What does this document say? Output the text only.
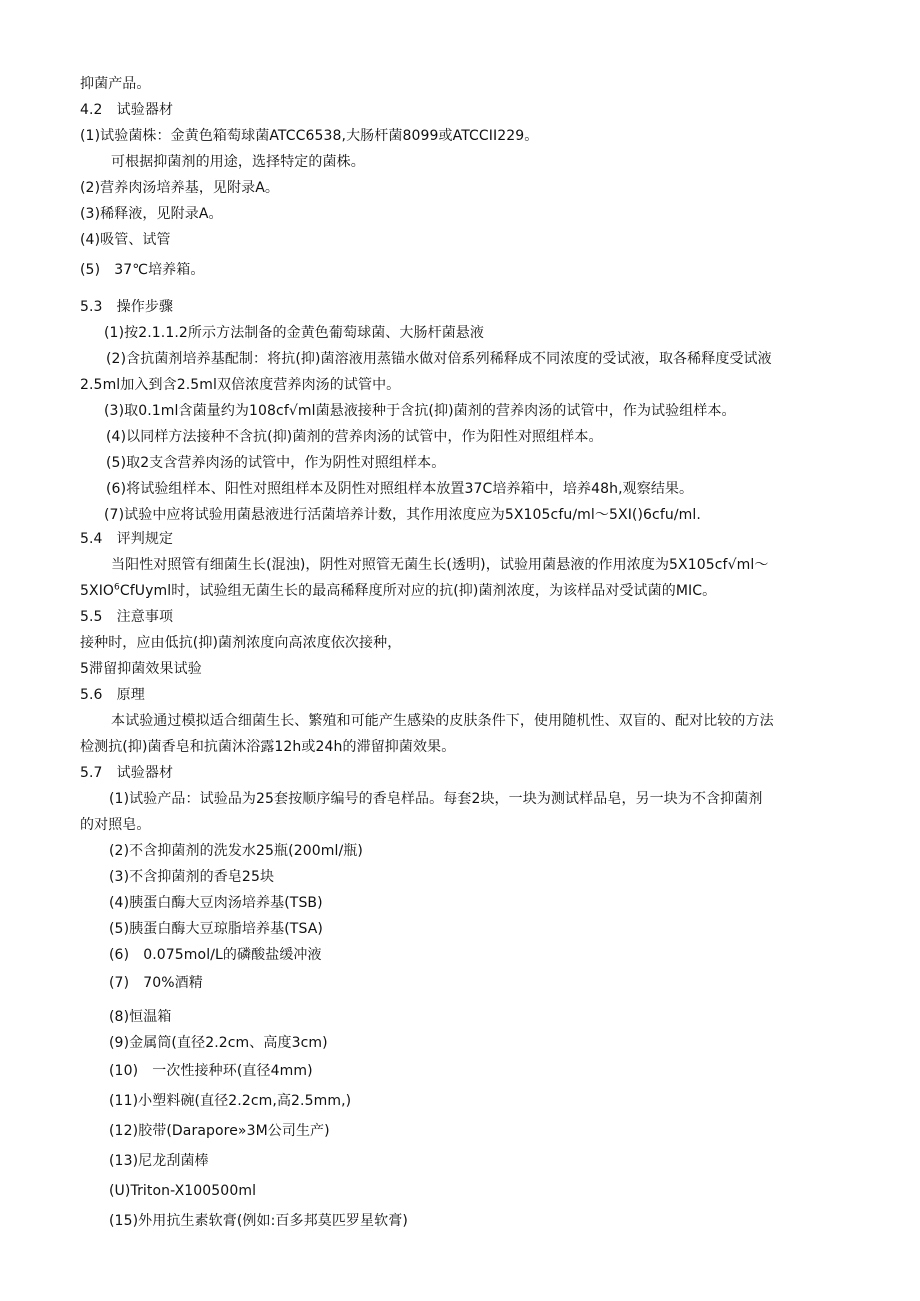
抑菌产品。
4.2　试验器材
(1)试验菌株：金黄色箱萄球菌ATCC6538,大肠杆菌8099或ATCCII229。
可根据抑菌剂的用途，选择特定的菌株。
(2)营养肉汤培养基，见附录A。
(3)稀释液，见附录A。
(4)吸管、试管
(5)　37℃培养箱。
5.3　操作步骤
(1)按2.1.1.2所示方法制备的金黄色葡萄球菌、大肠杆菌悬液
(2)含抗菌剂培养基配制：将抗(抑)菌溶液用蒸锚水做对倍系列稀释成不同浓度的受试液，取各稀释度受试液
2.5ml加入到含2.5ml双倍浓度营养肉汤的试管中。
(3)取0.1ml含菌量约为108cf√ml菌悬液接种于含抗(抑)菌剂的营养肉汤的试管中，作为试验组样本。
(4)以同样方法接种不含抗(抑)菌剂的营养肉汤的试管中，作为阳性对照组样本。
(5)取2支含营养肉汤的试管中，作为阴性对照组样本。
(6)将试验组样本、阳性对照组样本及阴性对照组样本放置37C培养箱中，培养48h,观察结果。
(7)试验中应将试验用菌悬液进行活菌培养计数，其作用浓度应为5X105cfu∕ml～5XI()6cfu∕ml.
5.4　评判规定
当阳性对照管有细菌生长(混浊)，阴性对照管无菌生长(透明)，试验用菌悬液的作用浓度为5X105cf√ml～
5XIO$^6$CfUyml时，试验组无菌生长的最高稀释度所对应的抗(抑)菌剂浓度，为该样品对受试菌的MIC。
5.5　注意事项
接种时，应由低抗(抑)菌剂浓度向高浓度依次接种，
5滞留抑菌效果试验
5.6　原理
本试验通过模拟适合细菌生长、繁殖和可能产生感染的皮肤条件下，使用随机性、双盲的、配对比较的方法
检测抗(抑)菌香皂和抗菌沐浴露12h或24h的滞留抑菌效果。
5.7　试验器材
(1)试验产品：试验品为25套按顺序编号的香皂样品。每套2块，一块为测试样品皂，另一块为不含抑菌剂
的对照皂。
(2)不含抑菌剂的洗发水25瓶(200ml∕瓶)
(3)不含抑菌剂的香皂25块
(4)胰蛋白酶大豆肉汤培养基(TSB)
(5)胰蛋白酶大豆琼脂培养基(TSA)
(6)　0.075mol∕L的磷酸盐缓冲液
(7)　70%酒精
(8)恒温箱
(9)金属筒(直径2.2cm、高度3cm)
(10)　一次性接种环(直径4mm)
(11)小塑料碗(直径2.2cm,高2.5mm,)
(12)胶带(Darapore»3M公司生产)
(13)尼龙刮菌棒
(U)Triton-X100500ml
(15)外用抗生素软膏(例如:百多邦莫匹罗星软膏)
